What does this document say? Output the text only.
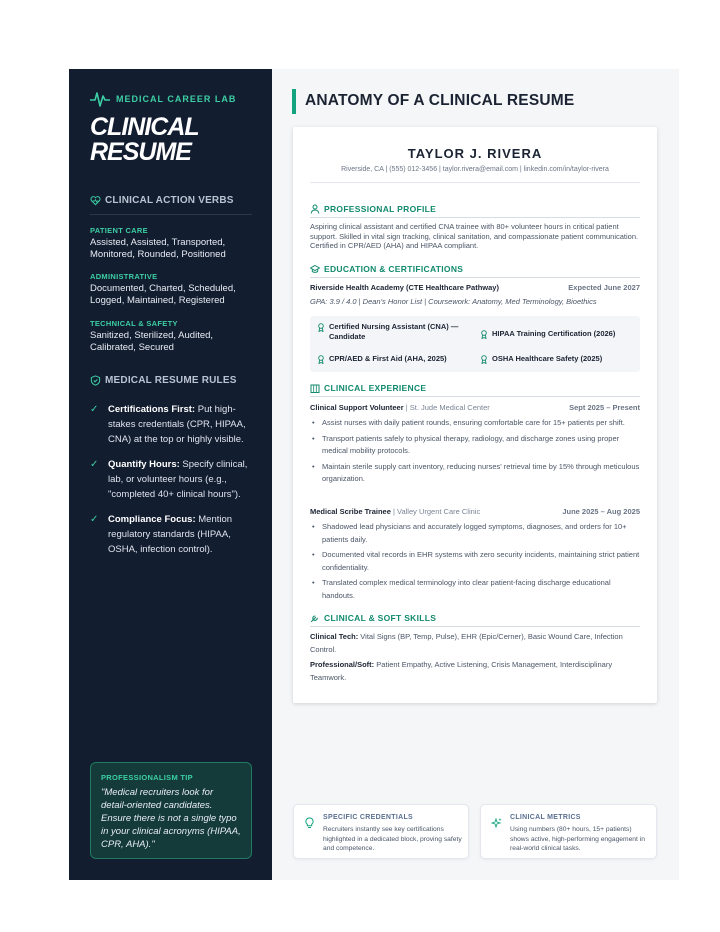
MEDICAL CAREER LAB
CLINICAL
RESUME
CLINICAL ACTION VERBS
PATIENT CARE
Assisted, Assisted, Transported, Monitored, Rounded, Positioned
ADMINISTRATIVE
Documented, Charted, Scheduled, Logged, Maintained, Registered
TECHNICAL & SAFETY
Sanitized, Sterilized, Audited, Calibrated, Secured
MEDICAL RESUME RULES
✓	Certifications First: Put high-stakes credentials (CPR, HIPAA, CNA) at the top or highly visible.
✓	Quantify Hours: Specify clinical, lab, or volunteer hours (e.g., "completed 40+ clinical hours").
✓	Compliance Focus: Mention regulatory standards (HIPAA, OSHA, infection control).
PROFESSIONALISM TIP
"Medical recruiters look for detail-oriented candidates. Ensure there is not a single typo in your clinical acronyms (HIPAA, CPR, AHA)."
ANATOMY OF A CLINICAL RESUME
TAYLOR J. RIVERA
Riverside, CA | (555) 012-3456 | taylor.rivera@email.com | linkedin.com/in/taylor-rivera
PROFESSIONAL PROFILE
Aspiring clinical assistant and certified CNA trainee with 80+ volunteer hours in critical patient support. Skilled in vital sign tracking, clinical sanitation, and compassionate patient communication. Certified in CPR/AED (AHA) and HIPAA compliant.
EDUCATION & CERTIFICATIONS
Riverside Health Academy (CTE Healthcare Pathway)	Expected June 2027
GPA: 3.9 / 4.0 | Dean's Honor List | Coursework: Anatomy, Med Terminology, Bioethics
Certified Nursing Assistant (CNA) — Candidate	HIPAA Training Certification (2026)
CPR/AED & First Aid (AHA, 2025)	OSHA Healthcare Safety (2025)
CLINICAL EXPERIENCE
Clinical Support Volunteer | St. Jude Medical Center	Sept 2025 – Present
• Assist nurses with daily patient rounds, ensuring comfortable care for 15+ patients per shift.
• Transport patients safely to physical therapy, radiology, and discharge zones using proper medical mobility protocols.
• Maintain sterile supply cart inventory, reducing nurses' retrieval time by 15% through meticulous organization.
Medical Scribe Trainee | Valley Urgent Care Clinic	June 2025 – Aug 2025
• Shadowed lead physicians and accurately logged symptoms, diagnoses, and orders for 10+ patients daily.
• Documented vital records in EHR systems with zero security incidents, maintaining strict patient confidentiality.
• Translated complex medical terminology into clear patient-facing discharge educational handouts.
CLINICAL & SOFT SKILLS
Clinical Tech: Vital Signs (BP, Temp, Pulse), EHR (Epic/Cerner), Basic Wound Care, Infection Control.
Professional/Soft: Patient Empathy, Active Listening, Crisis Management, Interdisciplinary Teamwork.
SPECIFIC CREDENTIALS
Recruiters instantly see key certifications highlighted in a dedicated block, proving safety and competence.
CLINICAL METRICS
Using numbers (80+ hours, 15+ patients) shows active, high-performing engagement in real-world clinical tasks.
